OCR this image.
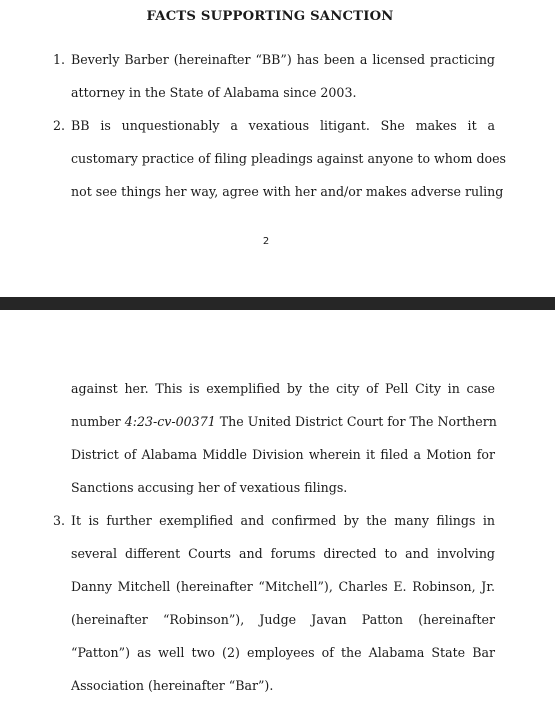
FACTS SUPPORTING SANCTION
1. Beverly Barber (hereinafter “BB”) has been a licensed practicing
attorney in the State of Alabama since 2003.
2. BB is unquestionably a vexatious litigant. She makes it a
customary practice of filing pleadings against anyone to whom does
not see things her way, agree with her and/or makes adverse ruling
2
against her. This is exemplified by the city of Pell City in case
number 4:23-cv-00371 The United District Court for The Northern
District of Alabama Middle Division wherein it filed a Motion for
Sanctions accusing her of vexatious filings.
3. It is further exemplified and confirmed by the many filings in
several different Courts and forums directed to and involving
Danny Mitchell (hereinafter “Mitchell”), Charles E. Robinson, Jr.
(hereinafter “Robinson”), Judge Javan Patton (hereinafter
“Patton”) as well two (2) employees of the Alabama State Bar
Association (hereinafter “Bar”).
